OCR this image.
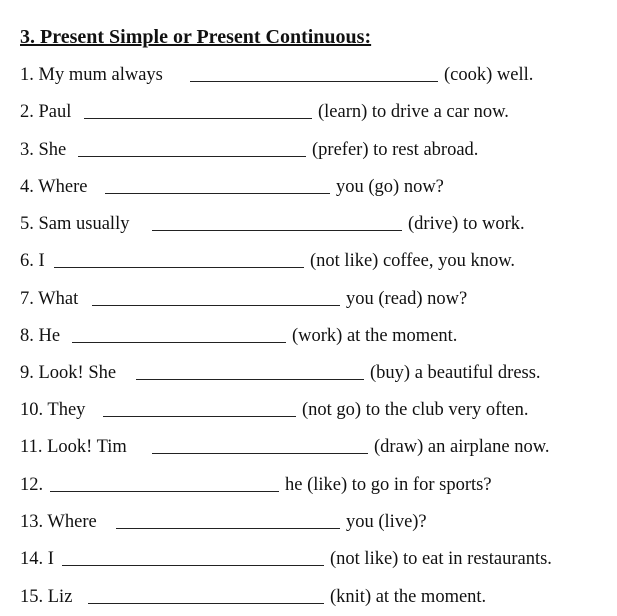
3. Present Simple or Present Continuous:
1. My mum always	(cook) well.
2. Paul	(learn) to drive a car now.
3. She	(prefer) to rest abroad.
4. Where	you (go) now?
5. Sam usually	(drive) to work.
6. I	(not like) coffee, you know.
7. What	you (read) now?
8. He	(work) at the moment.
9. Look! She	(buy) a beautiful dress.
10. They	(not go) to the club very often.
11. Look! Tim	(draw) an airplane now.
12.	he (like) to go in for sports?
13. Where	you (live)?
14. I	(not like) to eat in restaurants.
15. Liz	(knit) at the moment.
